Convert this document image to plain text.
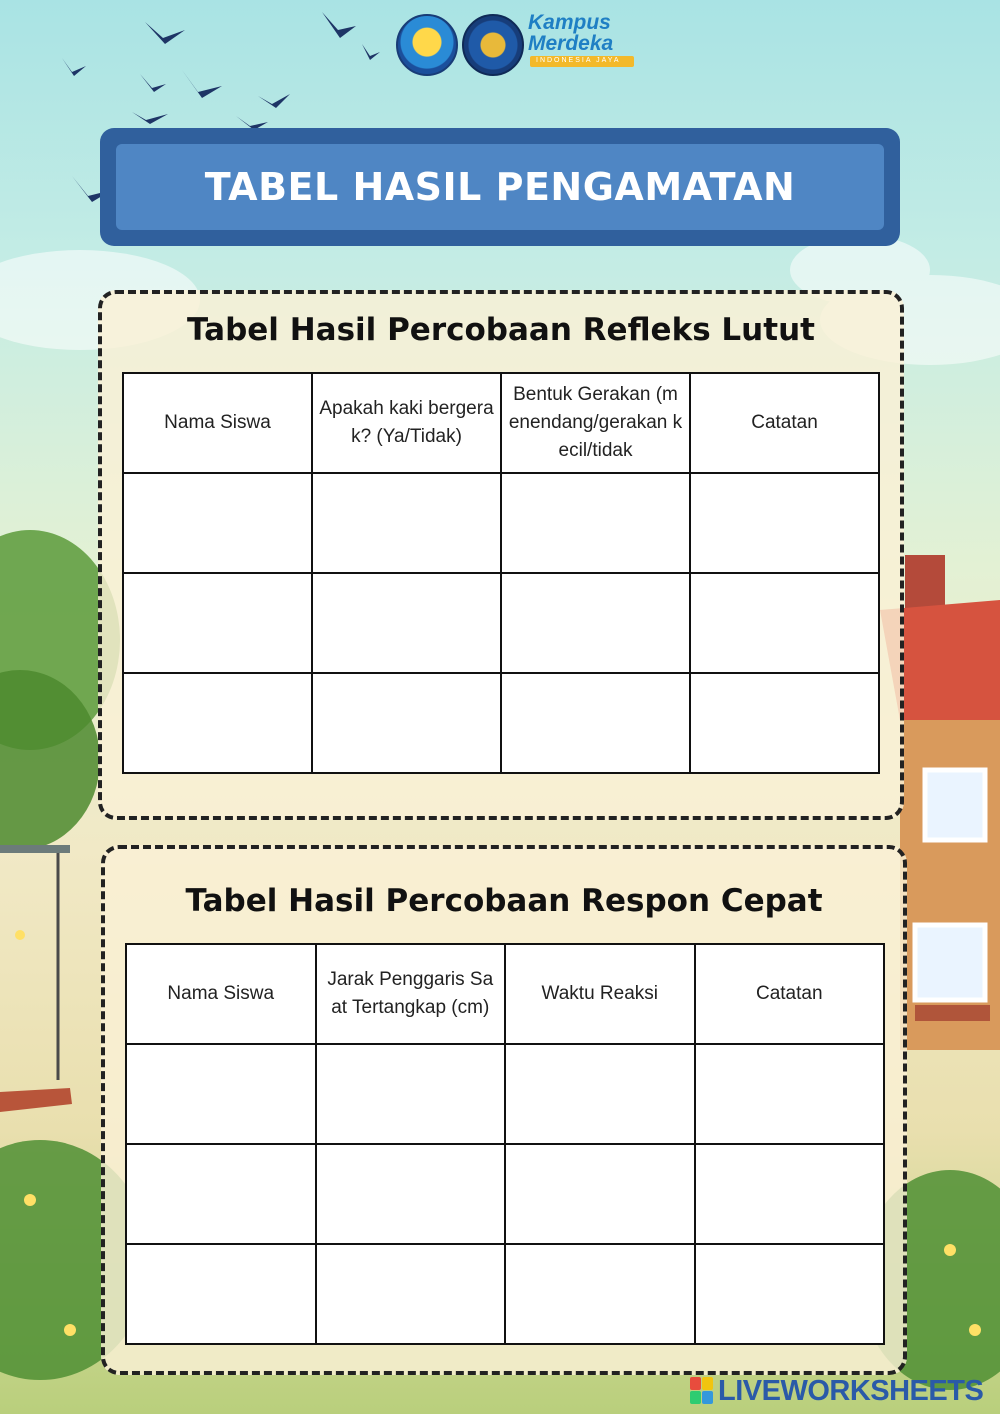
Kampus
Merdeka
INDONESIA JAYA
TABEL HASIL PENGAMATAN
Tabel Hasil Percobaan Refleks Lutut
Nama Siswa	Apakah kaki bergerak? (Ya/Tidak)	Bentuk Gerakan (menendang/gerakan kecil/tidak	Catatan

Tabel Hasil Percobaan Respon Cepat
Nama Siswa	Jarak Penggaris Saat Tertangkap (cm)	Waktu Reaksi	Catatan

LIVEWORKSHEETS
